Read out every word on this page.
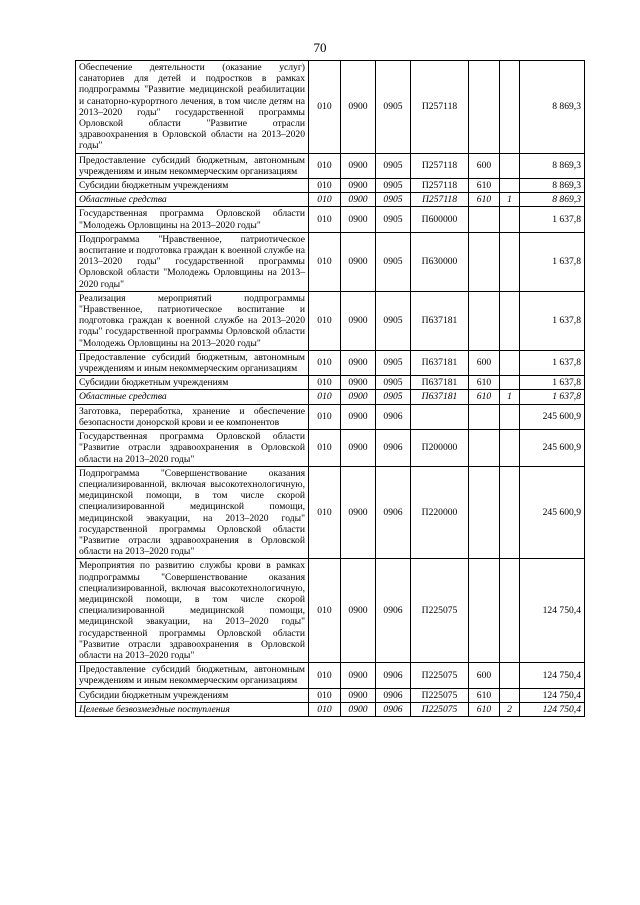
70
Обеспечение деятельности (оказание услуг) санаториев для детей и подростков в рамках подпрограммы "Развитие медицинской реабилитации и санаторно-курортного лечения, в том числе детям на 2013–2020 годы" государственной программы Орловской области "Развитие отрасли здравоохранения в Орловской области на 2013–2020 годы"	010	0900	0905	П257118			8 869,3
Предоставление субсидий бюджетным, автономным учреждениям и иным некоммерческим организациям	010	0900	0905	П257118	600		8 869,3
Субсидии бюджетным учреждениям	010	0900	0905	П257118	610		8 869,3
Областные средства	010	0900	0905	П257118	610	1	8 869,3
Государственная программа Орловской области "Молодежь Орловщины на 2013–2020 годы"	010	0900	0905	П600000			1 637,8
Подпрограмма "Нравственное, патриотическое воспитание и подготовка граждан к военной службе на 2013–2020 годы" государственной программы Орловской области "Молодежь Орловщины на 2013–2020 годы"	010	0900	0905	П630000			1 637,8
Реализация мероприятий подпрограммы "Нравственное, патриотическое воспитание и подготовка граждан к военной службе на 2013–2020 годы" государственной программы Орловской области "Молодежь Орловщины на 2013–2020 годы"	010	0900	0905	П637181			1 637,8
Предоставление субсидий бюджетным, автономным учреждениям и иным некоммерческим организациям	010	0900	0905	П637181	600		1 637,8
Субсидии бюджетным учреждениям	010	0900	0905	П637181	610		1 637,8
Областные средства	010	0900	0905	П637181	610	1	1 637,8
Заготовка, переработка, хранение и обеспечение безопасности донорской крови и ее компонентов	010	0900	0906				245 600,9
Государственная программа Орловской области "Развитие отрасли здравоохранения в Орловской области на 2013–2020 годы"	010	0900	0906	П200000			245 600,9
Подпрограмма "Совершенствование оказания специализированной, включая высокотехнологичную, медицинской помощи, в том числе скорой специализированной медицинской помощи, медицинской эвакуации, на 2013–2020 годы" государственной программы Орловской области "Развитие отрасли здравоохранения в Орловской области на 2013–2020 годы"	010	0900	0906	П220000			245 600,9
Мероприятия по развитию службы крови в рамках подпрограммы "Совершенствование оказания специализированной, включая высокотехнологичную, медицинской помощи, в том числе скорой специализированной медицинской помощи, медицинской эвакуации, на 2013–2020 годы" государственной программы Орловской области "Развитие отрасли здравоохранения в Орловской области на 2013–2020 годы"	010	0900	0906	П225075			124 750,4
Предоставление субсидий бюджетным, автономным учреждениям и иным некоммерческим организациям	010	0900	0906	П225075	600		124 750,4
Субсидии бюджетным учреждениям	010	0900	0906	П225075	610		124 750,4
Целевые безвозмездные поступления	010	0900	0906	П225075	610	2	124 750,4
